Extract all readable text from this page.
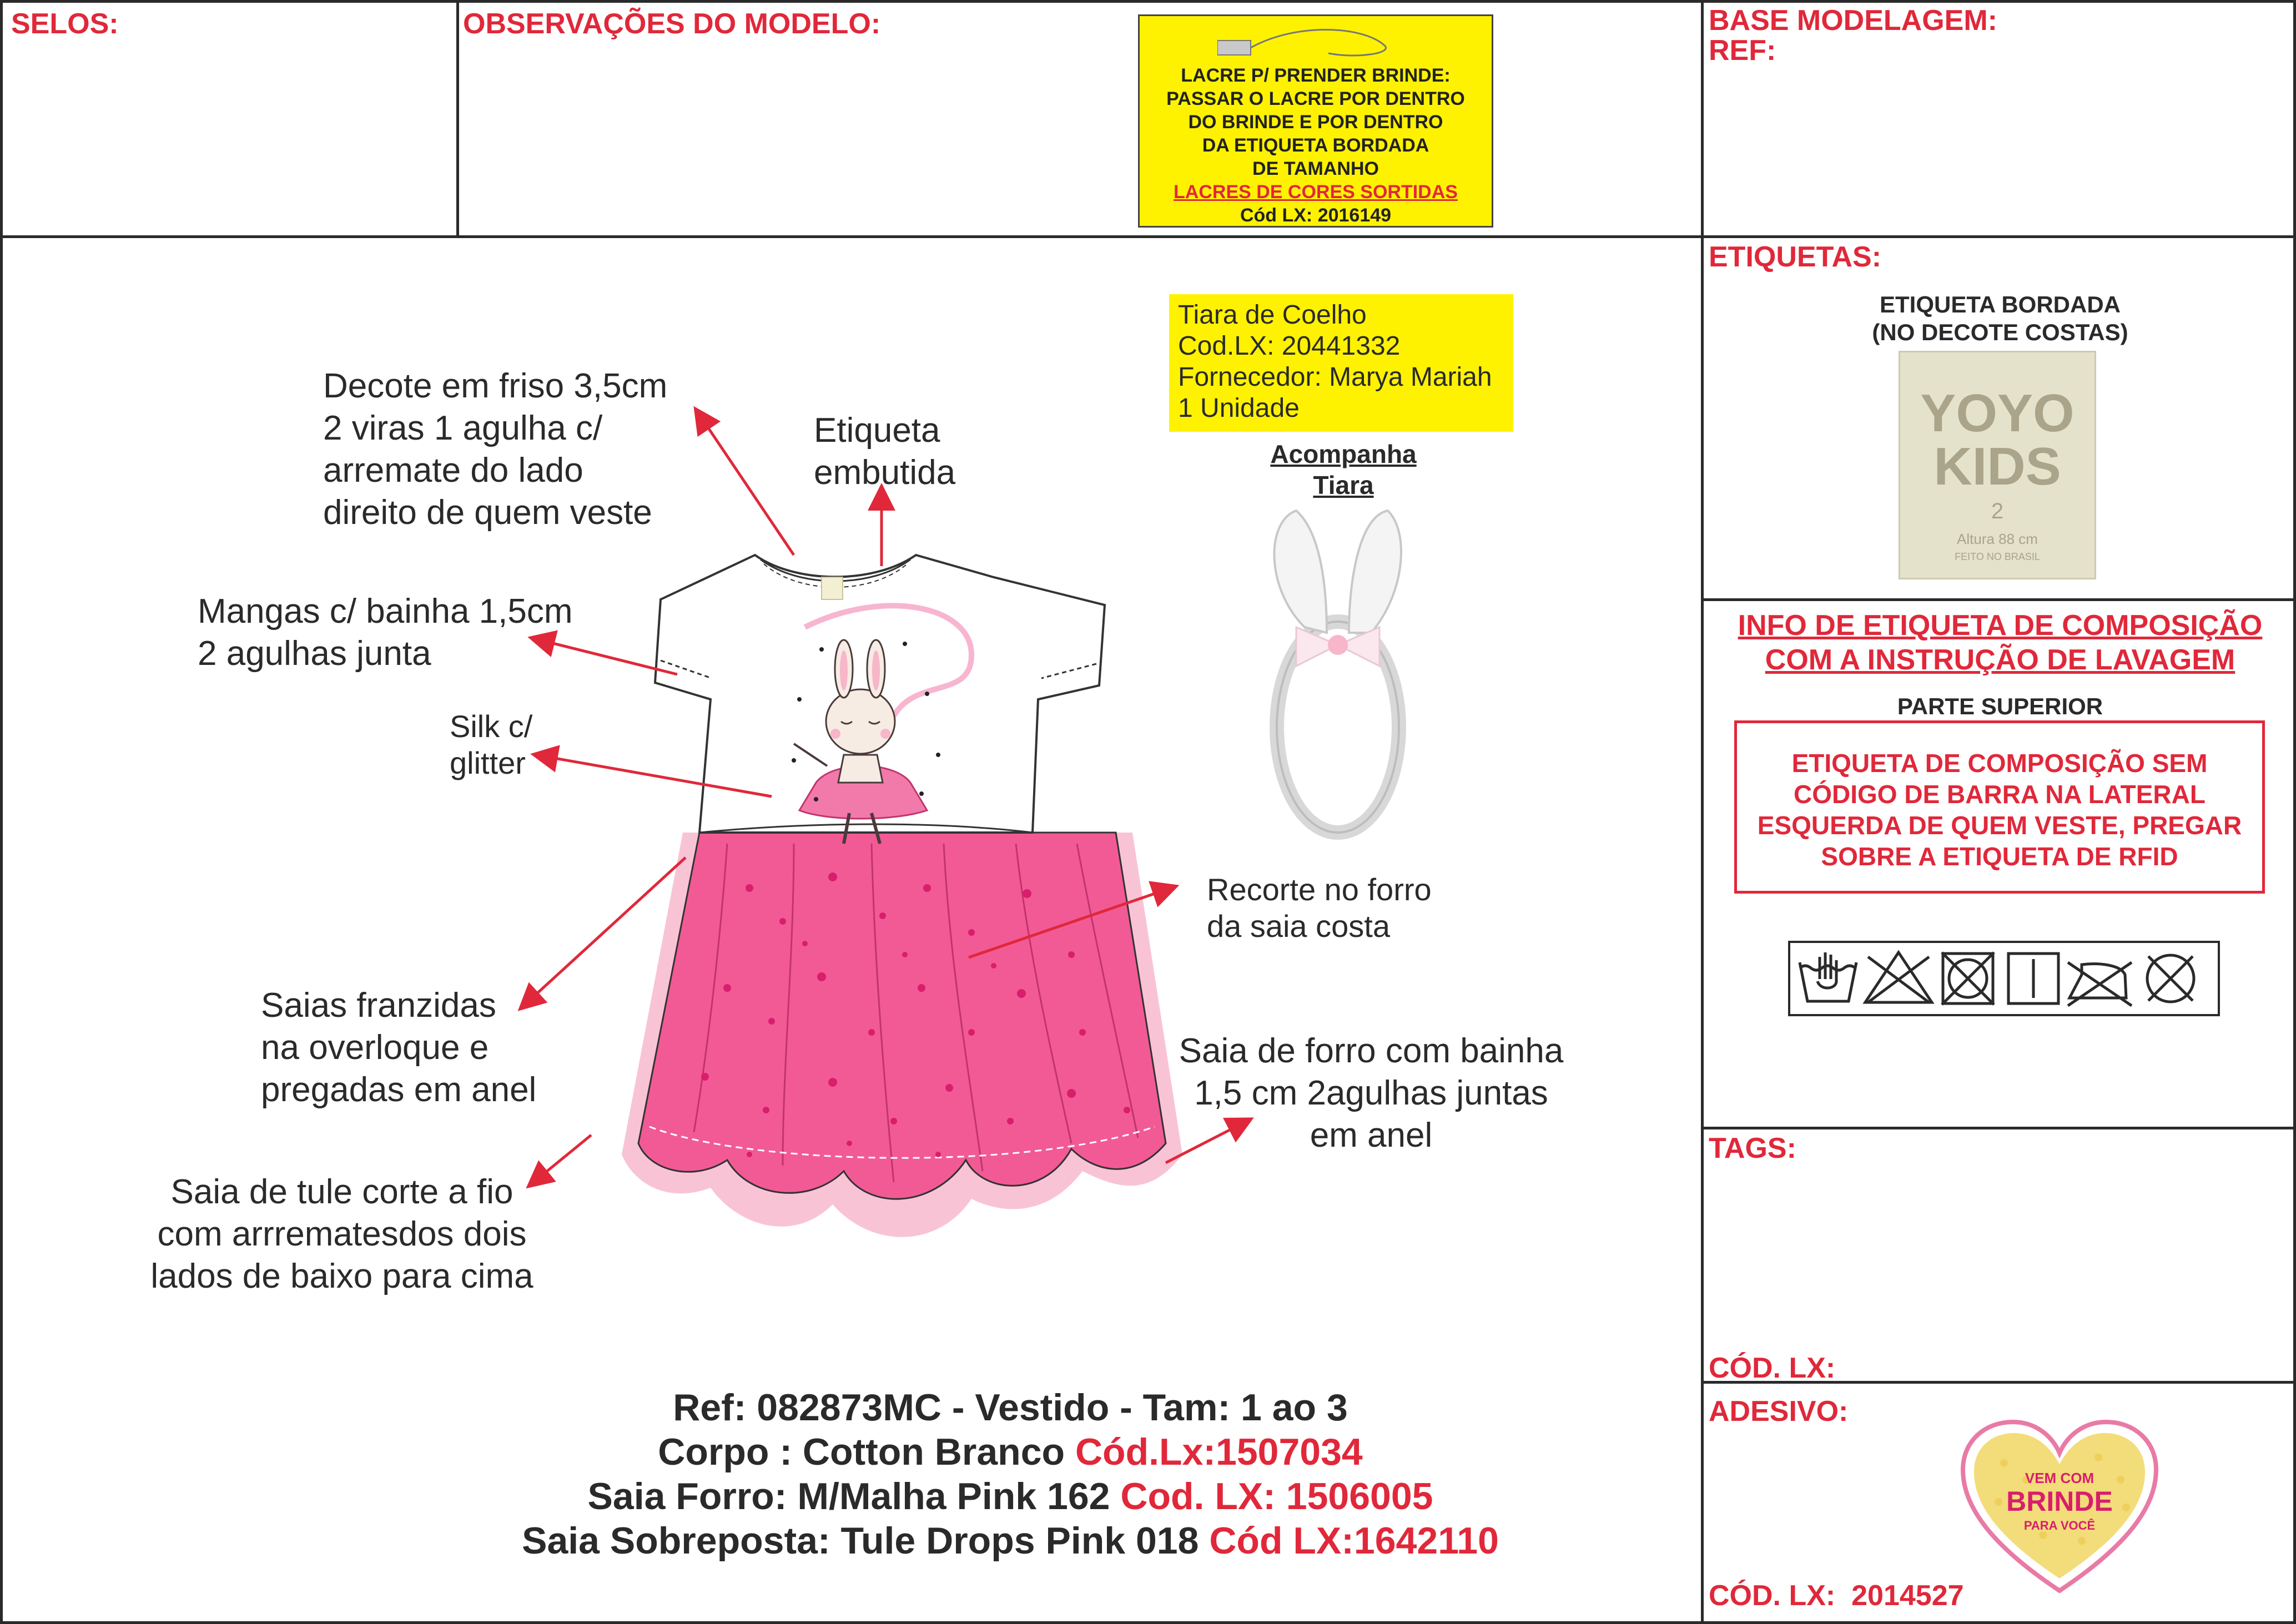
SELOS:	OBSERVAÇÕES DO MODELO:	BASE MODELAGEM:
REF:
LACRE P/ PRENDER BRINDE:
PASSAR O LACRE POR DENTRO
DO BRINDE E POR DENTRO
DA ETIQUETA BORDADA
DE TAMANHO
LACRES DE CORES SORTIDAS
Cód LX: 2016149
Tiara de Coelho
Cod.LX: 20441332
Fornecedor: Marya Mariah
1 Unidade
Acompanha
Tiara
Decote em friso 3,5cm
2 viras 1 agulha c/
arremate do lado
direito de quem veste
Etiqueta
embutida
Mangas c/ bainha 1,5cm
2 agulhas junta
Silk c/
glitter
Recorte no forro
da saia costa
Saias franzidas
na overloque e
pregadas em anel
Saia de forro com bainha
1,5 cm 2agulhas juntas
em anel
Saia de tule corte a fio
com arrrematesdos dois
lados de baixo para cima
Ref: 082873MC - Vestido - Tam: 1 ao 3
Corpo : Cotton Branco Cód.Lx:1507034
Saia Forro: M/Malha Pink 162 Cod. LX: 1506005
Saia Sobreposta: Tule Drops Pink 018 Cód LX:1642110
ETIQUETAS:
ETIQUETA BORDADA
(NO DECOTE COSTAS)
YOYO
KIDS
2
Altura 88 cm
FEITO NO BRASIL
INFO DE ETIQUETA DE COMPOSIÇÃO
COM A INSTRUÇÃO DE LAVAGEM
PARTE SUPERIOR
ETIQUETA DE COMPOSIÇÃO SEM
CÓDIGO DE BARRA NA LATERAL
ESQUERDA DE QUEM VESTE, PREGAR
SOBRE A ETIQUETA DE RFID
TAGS:
CÓD. LX:
ADESIVO:
VEM COM
BRINDE
PARA VOCÊ
CÓD. LX: 2014527
